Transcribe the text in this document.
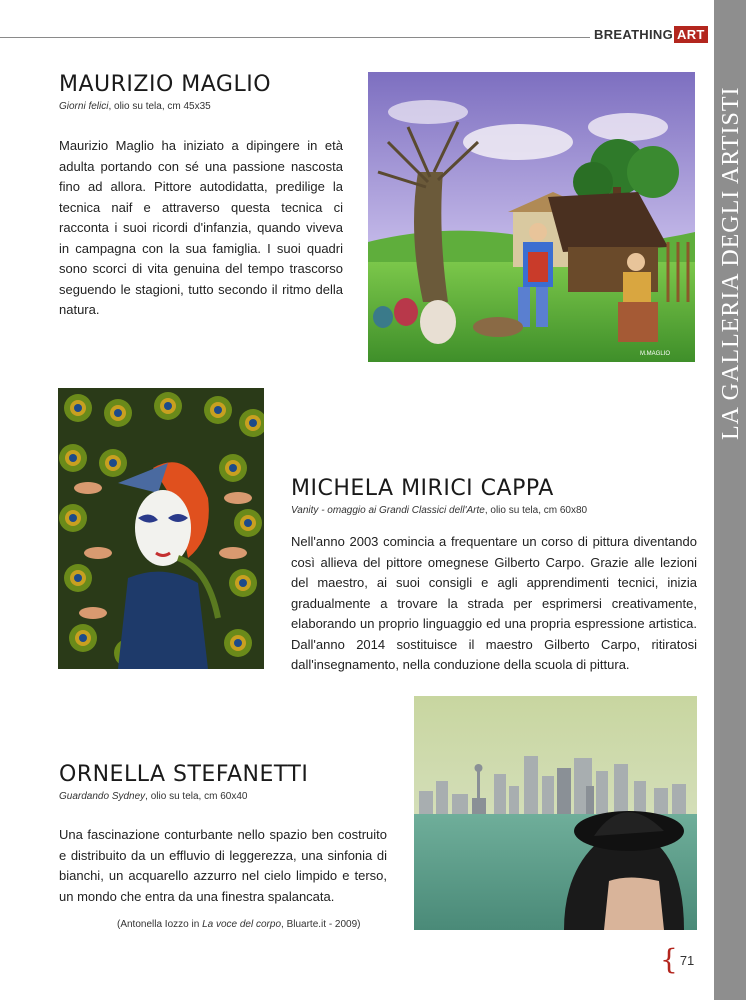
BREATHING ART
LA GALLERIA DEGLI ARTISTI
MAURIZIO MAGLIO
Giorni felici, olio su tela, cm 45x35
Maurizio Maglio ha iniziato a dipingere in età adulta portando con sé una passione nascosta fino ad allora. Pittore autodidatta, predilige la tecnica naif e attraverso questa tecnica ci racconta i suoi ricordi d'infanzia, quando viveva in campagna con la sua famiglia. I suoi quadri sono scorci di vita genuina del tempo trascorso seguendo le stagioni, tutto secondo il ritmo della natura.
M.MAGLIO
MICHELA MIRICI CAPPA
Vanity - omaggio ai Grandi Classici dell'Arte, olio su tela, cm 60x80
Nell'anno 2003 comincia a frequentare un corso di pittura diventando così allieva del pittore omegnese Gilberto Carpo. Grazie alle lezioni del maestro, ai suoi consigli e agli apprendimenti tecnici, inizia gradualmente a trovare la strada per esprimersi creativamente, elaborando un proprio linguaggio ed una propria espressione artistica. Dall'anno 2014 sostituisce il maestro Gilberto Carpo, ritiratosi dall'insegnamento, nella conduzione della scuola di pittura.
ORNELLA STEFANETTI
Guardando Sydney, olio su tela, cm 60x40
Una fascinazione conturbante nello spazio ben costruito e distribuito da un effluvio di leggerezza, una sinfonia di bianchi, un acquarello azzurro nel cielo limpido e terso, un mondo che entra da una finestra spalancata.
(Antonella Iozzo in La voce del corpo, Bluarte.it - 2009)
{ 71
